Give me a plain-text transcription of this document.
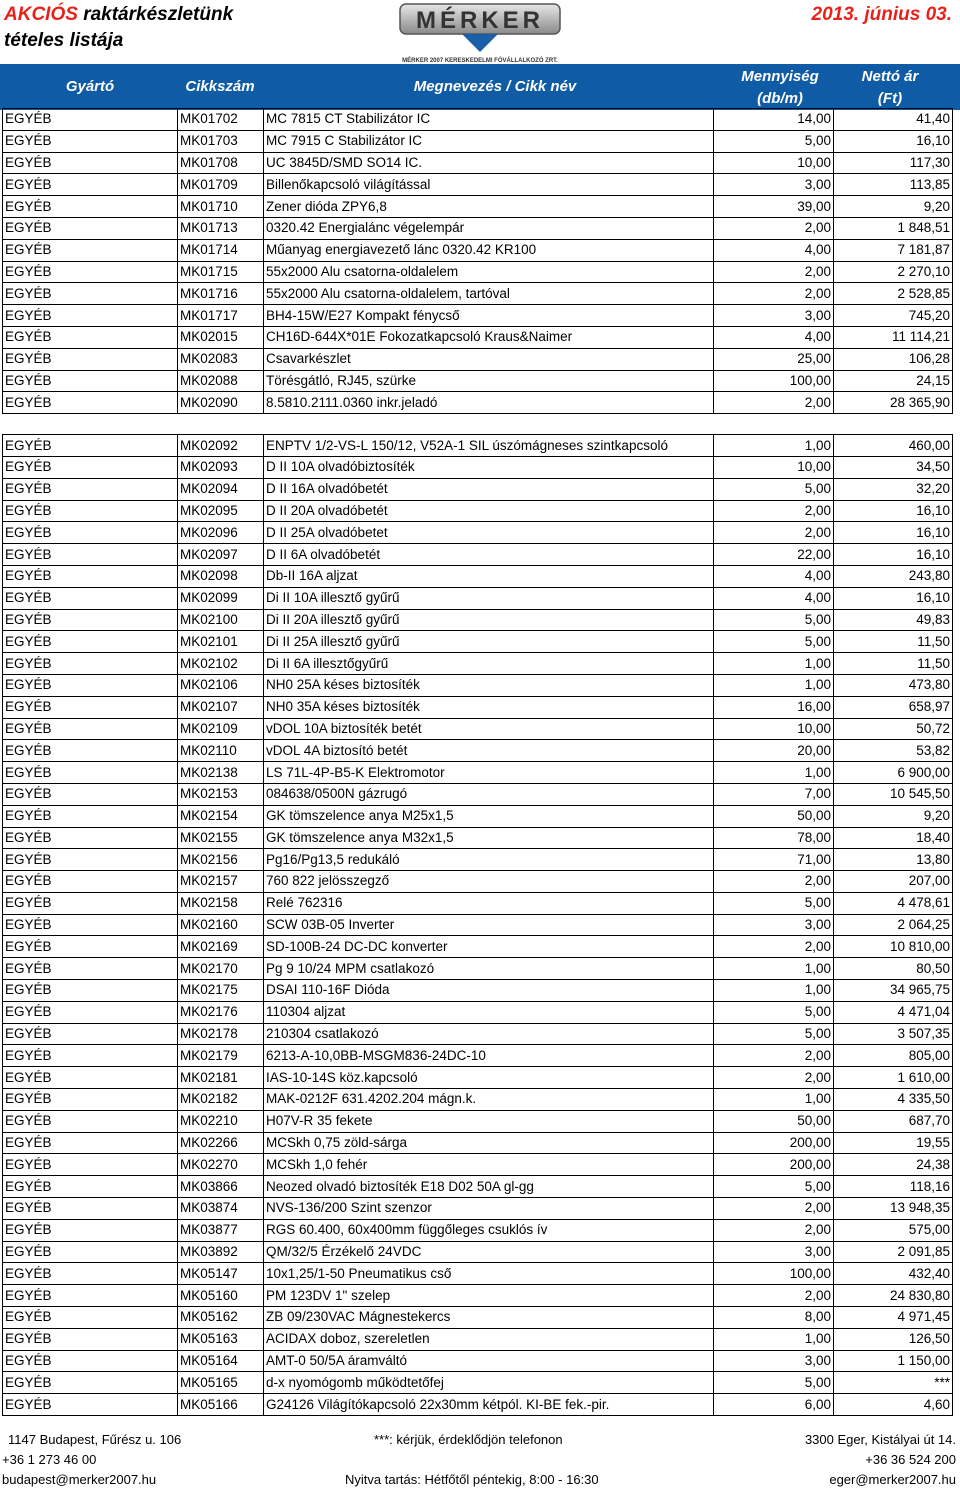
AKCIÓS raktárkészletünk
tételes listája
MÉRKER
MÉRKER 2007 KERESKEDELMI FÓVÁLLALKOZÓ ZRT.
2013. június 03.
Gyártó	Cikkszám	Megnevezés / Cikk név
Mennyiség
(db/m)
Nettó ár
(Ft)
EGYÉB	MK01702	MC 7815 CT Stabilizátor IC	14,00	41,40
EGYÉB	MK01703	MC 7915 C Stabilizátor IC	5,00	16,10
EGYÉB	MK01708	UC 3845D/SMD SO14 IC.	10,00	117,30
EGYÉB	MK01709	Billenőkapcsoló világítással	3,00	113,85
EGYÉB	MK01710	Zener dióda ZPY6,8	39,00	9,20
EGYÉB	MK01713	0320.42 Energialánc végelempár	2,00	1 848,51
EGYÉB	MK01714	Műanyag energiavezető lánc 0320.42 KR100	4,00	7 181,87
EGYÉB	MK01715	55x2000 Alu csatorna-oldalelem	2,00	2 270,10
EGYÉB	MK01716	55x2000 Alu csatorna-oldalelem, tartóval	2,00	2 528,85
EGYÉB	MK01717	BH4-15W/E27 Kompakt fénycső	3,00	745,20
EGYÉB	MK02015	CH16D-644X*01E Fokozatkapcsoló Kraus&Naimer	4,00	11 114,21
EGYÉB	MK02083	Csavarkészlet	25,00	106,28
EGYÉB	MK02088	Törésgátló, RJ45, szürke	100,00	24,15
EGYÉB	MK02090	8.5810.2111.0360 inkr.jeladó	2,00	28 365,90

EGYÉB	MK02092	ENPTV 1/2-VS-L 150/12, V52A-1 SIL úszómágneses szintkapcsoló	1,00	460,00
EGYÉB	MK02093	D II 10A olvadóbiztosíték	10,00	34,50
EGYÉB	MK02094	D II 16A olvadóbetét	5,00	32,20
EGYÉB	MK02095	D II 20A olvadóbetét	2,00	16,10
EGYÉB	MK02096	D II 25A olvadóbetet	2,00	16,10
EGYÉB	MK02097	D II 6A olvadóbetét	22,00	16,10
EGYÉB	MK02098	Db-II 16A aljzat	4,00	243,80
EGYÉB	MK02099	Di II 10A illesztő gyűrű	4,00	16,10
EGYÉB	MK02100	Di II 20A illesztő gyűrű	5,00	49,83
EGYÉB	MK02101	Di II 25A illesztő gyűrű	5,00	11,50
EGYÉB	MK02102	Di II 6A illesztőgyűrű	1,00	11,50
EGYÉB	MK02106	NH0 25A késes biztosíték	1,00	473,80
EGYÉB	MK02107	NH0 35A késes biztosíték	16,00	658,97
EGYÉB	MK02109	vDOL 10A biztosíték betét	10,00	50,72
EGYÉB	MK02110	vDOL 4A biztosító betét	20,00	53,82
EGYÉB	MK02138	LS 71L-4P-B5-K Elektromotor	1,00	6 900,00
EGYÉB	MK02153	084638/0500N gázrugó	7,00	10 545,50
EGYÉB	MK02154	GK tömszelence anya M25x1,5	50,00	9,20
EGYÉB	MK02155	GK tömszelence anya M32x1,5	78,00	18,40
EGYÉB	MK02156	Pg16/Pg13,5 redukáló	71,00	13,80
EGYÉB	MK02157	760 822 jelösszegző	2,00	207,00
EGYÉB	MK02158	Relé 762316	5,00	4 478,61
EGYÉB	MK02160	SCW 03B-05 Inverter	3,00	2 064,25
EGYÉB	MK02169	SD-100B-24 DC-DC konverter	2,00	10 810,00
EGYÉB	MK02170	Pg 9 10/24 MPM csatlakozó	1,00	80,50
EGYÉB	MK02175	DSAI 110-16F Dióda	1,00	34 965,75
EGYÉB	MK02176	110304 aljzat	5,00	4 471,04
EGYÉB	MK02178	210304 csatlakozó	5,00	3 507,35
EGYÉB	MK02179	6213-A-10,0BB-MSGM836-24DC-10	2,00	805,00
EGYÉB	MK02181	IAS-10-14S köz.kapcsoló	2,00	1 610,00
EGYÉB	MK02182	MAK-0212F 631.4202.204 mágn.k.	1,00	4 335,50
EGYÉB	MK02210	H07V-R 35 fekete	50,00	687,70
EGYÉB	MK02266	MCSkh 0,75 zöld-sárga	200,00	19,55
EGYÉB	MK02270	MCSkh 1,0 fehér	200,00	24,38
EGYÉB	MK03866	Neozed olvadó biztosíték E18 D02 50A gl-gg	5,00	118,16
EGYÉB	MK03874	NVS-136/200 Szint szenzor	2,00	13 948,35
EGYÉB	MK03877	RGS 60.400, 60x400mm függőleges csuklós ív	2,00	575,00
EGYÉB	MK03892	QM/32/5 Érzékelő 24VDC	3,00	2 091,85
EGYÉB	MK05147	10x1,25/1-50 Pneumatikus cső	100,00	432,40
EGYÉB	MK05160	PM 123DV 1" szelep	2,00	24 830,80
EGYÉB	MK05162	ZB 09/230VAC Mágnestekercs	8,00	4 971,45
EGYÉB	MK05163	ACIDAX doboz, szereletlen	1,00	126,50
EGYÉB	MK05164	AMT-0 50/5A áramváltó	3,00	1 150,00
EGYÉB	MK05165	d-x nyomógomb működtetőfej	5,00	***
EGYÉB	MK05166	G24126 Világítókapcsoló 22x30mm kétpól. KI-BE fek.-pir.	6,00	4,60
1147 Budapest, Fűrész u. 106
+36 1 273 46 00
budapest@merker2007.hu
***: kérjük, érdeklődjön telefonon
Nyitva tartás: Hétfőtől péntekig, 8:00 - 16:30
3300 Eger, Kistályai út 14.
+36 36 524 200
eger@merker2007.hu
